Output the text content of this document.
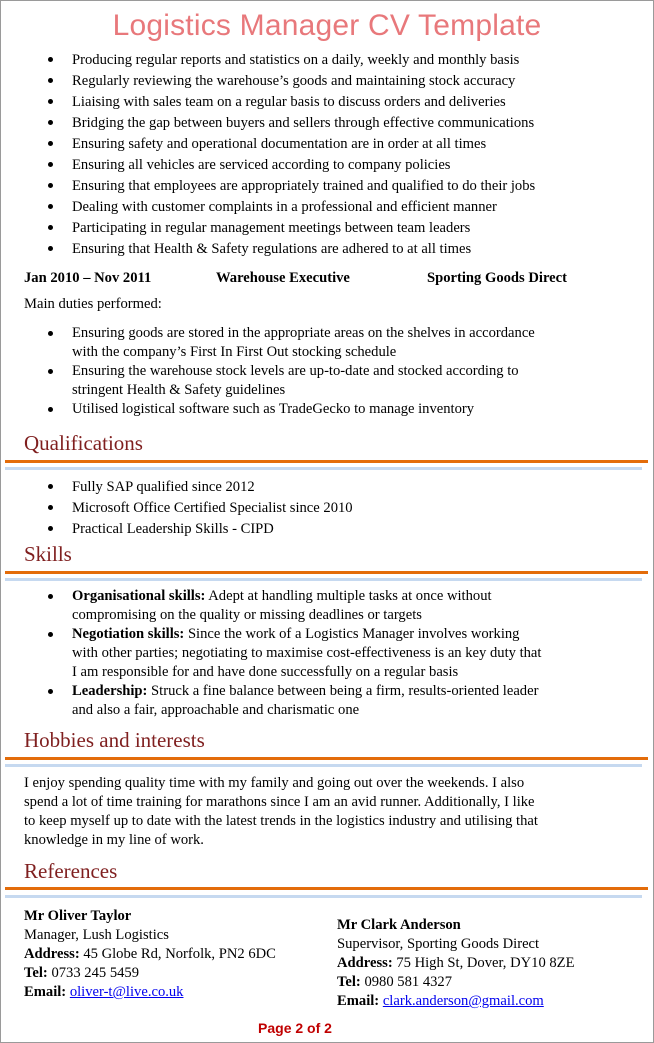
Logistics Manager CV Template
Producing regular reports and statistics on a daily, weekly and monthly basis
Regularly reviewing the warehouse’s goods and maintaining stock accuracy
Liaising with sales team on a regular basis to discuss orders and deliveries
Bridging the gap between buyers and sellers through effective communications
Ensuring safety and operational documentation are in order at all times
Ensuring all vehicles are serviced according to company policies
Ensuring that employees are appropriately trained and qualified to do their jobs
Dealing with customer complaints in a professional and efficient manner
Participating in regular management meetings between team leaders
Ensuring that Health & Safety regulations are adhered to at all times
Jan 2010 – Nov 2011	Warehouse Executive	Sporting Goods Direct
Main duties performed:
Ensuring goods are stored in the appropriate areas on the shelves in accordance
with the company’s First In First Out stocking schedule
Ensuring the warehouse stock levels are up-to-date and stocked according to
stringent Health & Safety guidelines
Utilised logistical software such as TradeGecko to manage inventory
Qualifications
Fully SAP qualified since 2012
Microsoft Office Certified Specialist since 2010
Practical Leadership Skills - CIPD
Skills
Organisational skills: Adept at handling multiple tasks at once without
compromising on the quality or missing deadlines or targets
Negotiation skills: Since the work of a Logistics Manager involves working
with other parties; negotiating to maximise cost-effectiveness is an key duty that
I am responsible for and have done successfully on a regular basis
Leadership: Struck a fine balance between being a firm, results-oriented leader
and also a fair, approachable and charismatic one
Hobbies and interests
I enjoy spending quality time with my family and going out over the weekends. I also
spend a lot of time training for marathons since I am an avid runner. Additionally, I like
to keep myself up to date with the latest trends in the logistics industry and utilising that
knowledge in my line of work.
References
Mr Oliver Taylor
Manager, Lush Logistics
Address: 45 Globe Rd, Norfolk, PN2 6DC
Tel: 0733 245 5459
Email: oliver-t@live.co.uk
Mr Clark Anderson
Supervisor, Sporting Goods Direct
Address: 75 High St, Dover, DY10 8ZE
Tel: 0980 581 4327
Email: clark.anderson@gmail.com
Page 2 of 2
